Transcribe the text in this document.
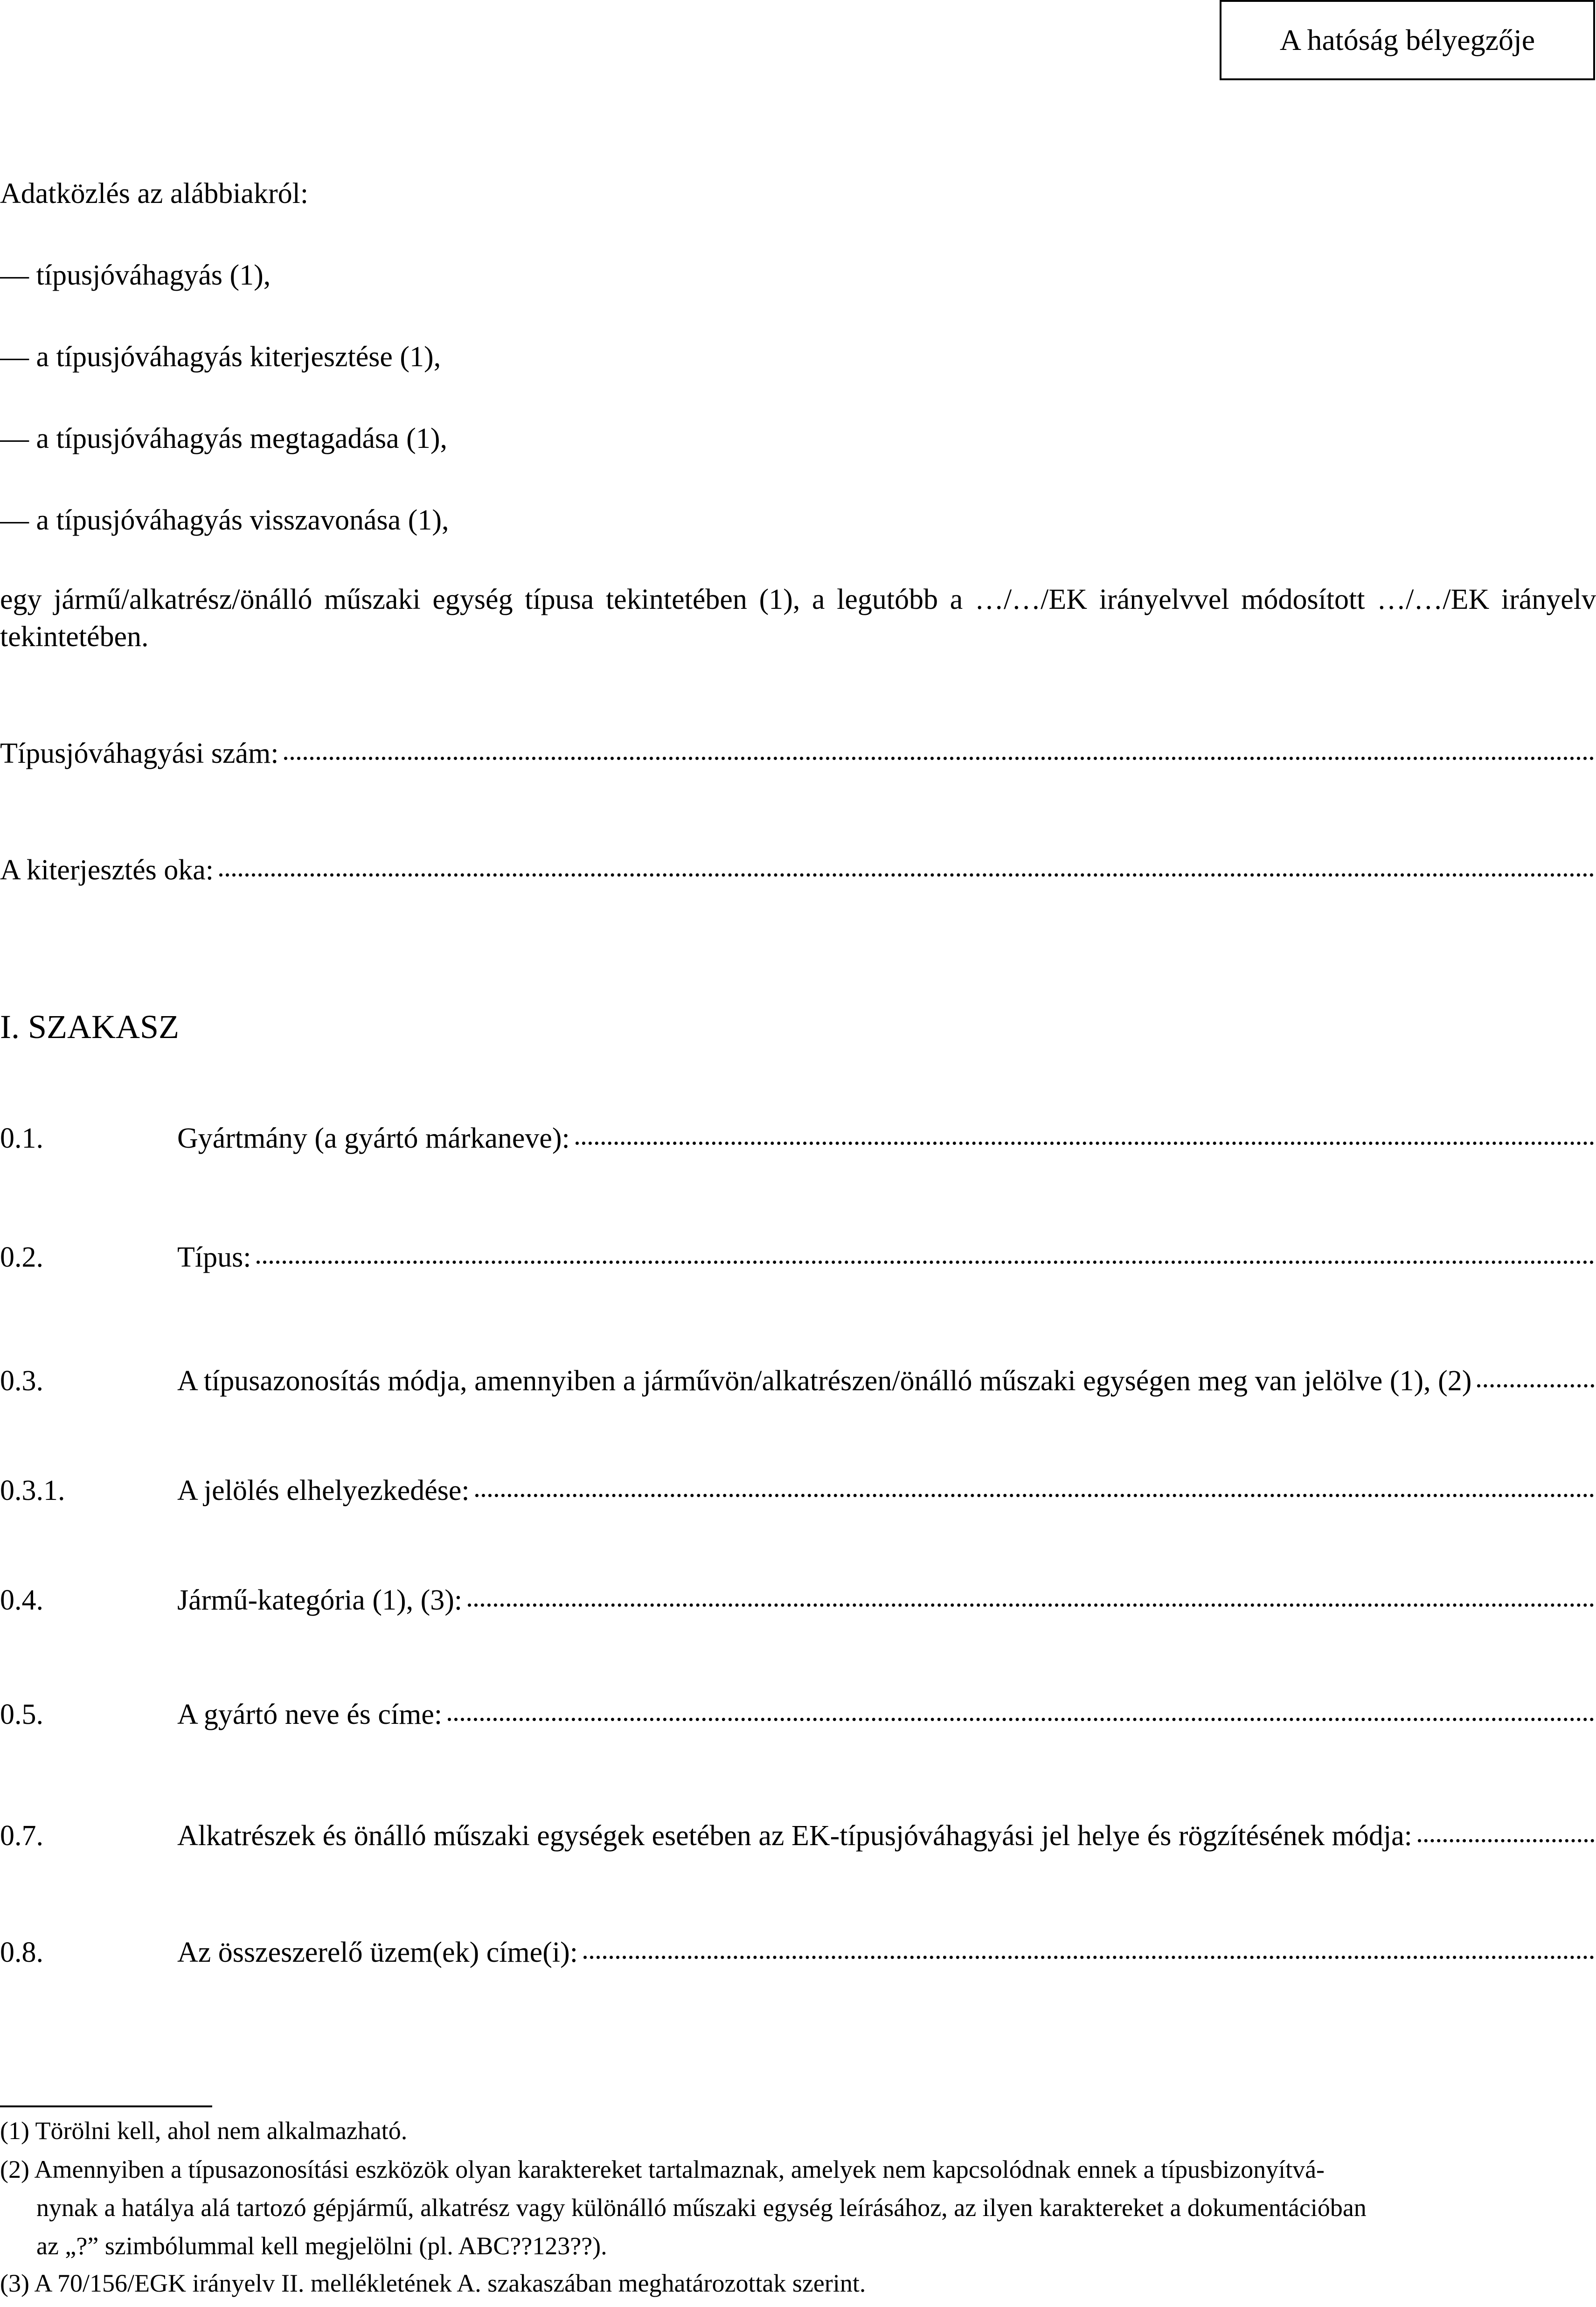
A hatóság bélyegzője
Adatközlés az alábbiakról:
— típusjóváhagyás (1),
— a típusjóváhagyás kiterjesztése (1),
— a típusjóváhagyás megtagadása (1),
— a típusjóváhagyás visszavonása (1),
egy jármű/alkatrész/önálló műszaki egység típusa tekintetében (1), a legutóbb a …/…/EK irányelvvel módosított …/…/EK irányelv
tekintetében.
Típusjóváhagyási szám:
A kiterjesztés oka:
I. SZAKASZ
0.1.	Gyártmány (a gyártó márkaneve):
0.2.	Típus:
0.3.	A típusazonosítás módja, amennyiben a járművön/alkatrészen/önálló műszaki egységen meg van jelölve (1), (2)
0.3.1.	A jelölés elhelyezkedése:
0.4.	Jármű-kategória (1), (3):
0.5.	A gyártó neve és címe:
0.7.	Alkatrészek és önálló műszaki egységek esetében az EK-típusjóváhagyási jel helye és rögzítésének módja:
0.8.	Az összeszerelő üzem(ek) címe(i):
(1) Törölni kell, ahol nem alkalmazható.
(2) Amennyiben a típusazonosítási eszközök olyan karaktereket tartalmaznak, amelyek nem kapcsolódnak ennek a típusbizonyítvá-
nynak a hatálya alá tartozó gépjármű, alkatrész vagy különálló műszaki egység leírásához, az ilyen karaktereket a dokumentációban
az „?” szimbólummal kell megjelölni (pl. ABC??123??).
(3) A 70/156/EGK irányelv II. mellékletének A. szakaszában meghatározottak szerint.
